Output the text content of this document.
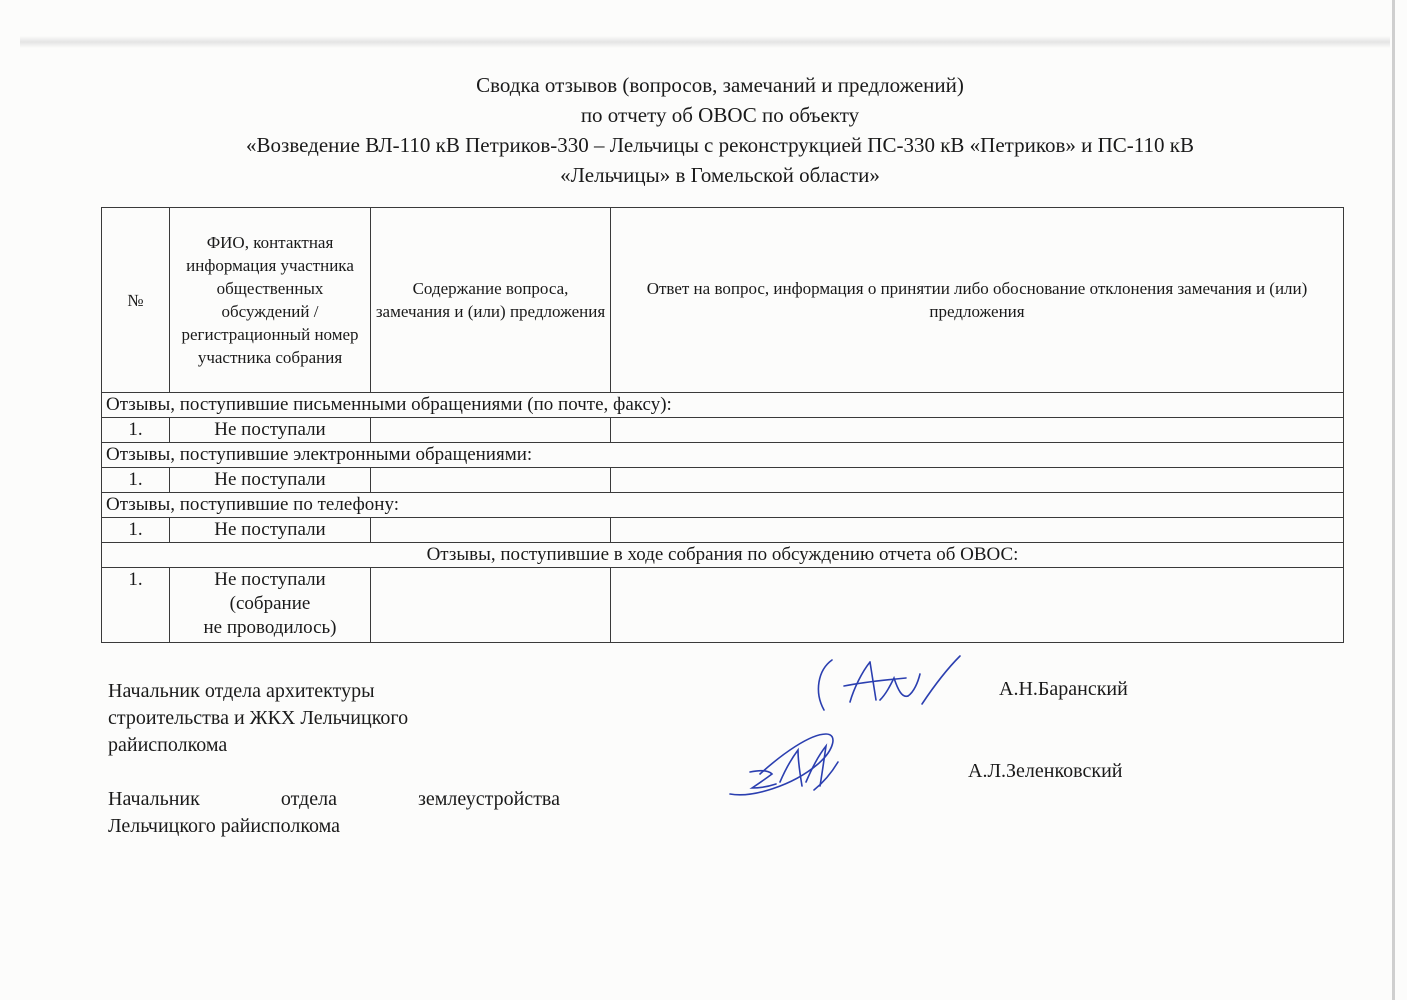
Сводка отзывов (вопросов, замечаний и предложений)
по отчету об ОВОС по объекту
«Возведение ВЛ-110 кВ Петриков-330 – Лельчицы с реконструкцией ПС-330 кВ «Петриков» и ПС-110 кВ
«Лельчицы» в Гомельской области»
№	ФИО, контактная информация участника общественных обсуждений / регистрационный номер участника собрания	Содержание вопроса, замечания и (или) предложения	Ответ на вопрос, информация о принятии либо обоснование отклонения замечания и (или) предложения
Отзывы, поступившие письменными обращениями (по почте, факсу):			
1.	Не поступали		
Отзывы, поступившие электронными обращениями:			
1.	Не поступали		
Отзывы, поступившие по телефону:			
1.	Не поступали		
Отзывы, поступившие в ходе собрания по обсуждению отчета об ОВОС:			
1.	Не поступали
(собрание
не проводилось)		

Начальник отдела архитектуры
строительства и ЖКХ Лельчицкого
райисполкома
Начальник	отдела	землеустройства
Лельчицкого райисполкома
А.Н.Баранский
А.Л.Зеленковский
